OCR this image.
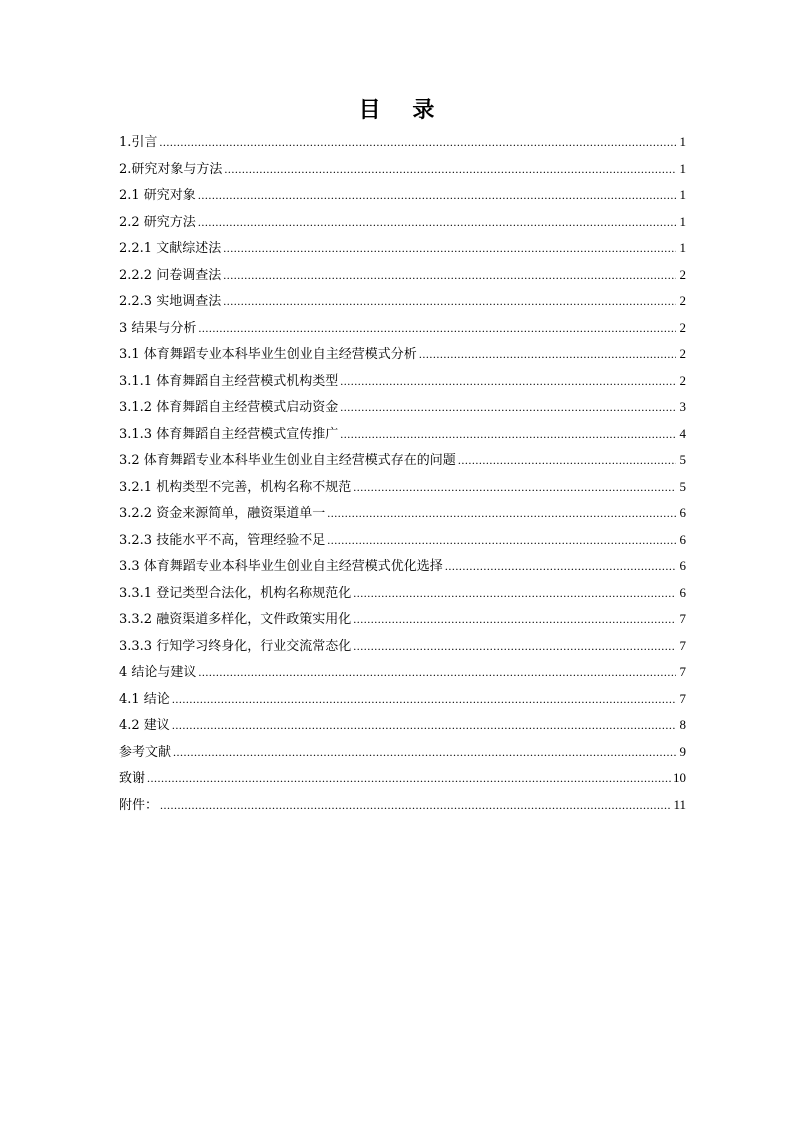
目 录
1.引言 .....	1
2.研究对象与方法 .....	1
2.1 研究对象 .....	1
2.2 研究方法 .....	1
2.2.1 文献综述法 .....	1
2.2.2 问卷调查法 .....	2
2.2.3 实地调查法 .....	2
3 结果与分析 .....	2
3.1 体育舞蹈专业本科毕业生创业自主经营模式分析 .....	2
3.1.1 体育舞蹈自主经营模式机构类型 .....	2
3.1.2 体育舞蹈自主经营模式启动资金 .....	3
3.1.3 体育舞蹈自主经营模式宣传推广 .....	4
3.2 体育舞蹈专业本科毕业生创业自主经营模式存在的问题 .....	5
3.2.1 机构类型不完善，机构名称不规范 .....	5
3.2.2 资金来源简单，融资渠道单一 .....	6
3.2.3 技能水平不高，管理经验不足 .....	6
3.3 体育舞蹈专业本科毕业生创业自主经营模式优化选择 .....	6
3.3.1 登记类型合法化，机构名称规范化 .....	6
3.3.2 融资渠道多样化，文件政策实用化 .....	7
3.3.3 行知学习终身化，行业交流常态化 .....	7
4 结论与建议 .....	7
4.1 结论 .....	7
4.2 建议 .....	8
参考文献 .....	9
致谢 .....	10
附件： .....	11
